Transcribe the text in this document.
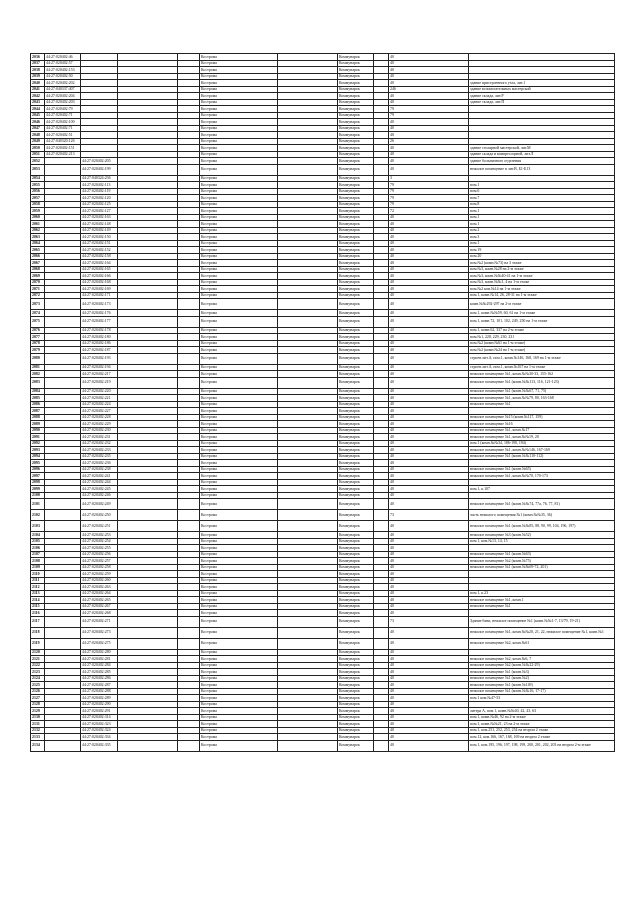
2036	44:27:020402:46				Кострома		Коммунарок		40	
2037	44:27:020402:57				Кострома		Коммунарок		40	
2038	44:27:020402:153				Кострома		Коммунарок		40	
2039	44:27:020402:50				Кострома		Коммунарок		40	
2040	44:27:020402:202				Кострома		Коммунарок		40	здание пристроенного узла, лит.1
2041	44:27:040337:407				Кострома		Коммунарок		246	здание вспомогательных мастерской
2042	44:27:020402:204				Кострома		Коммунарок		40	здание склада, лит.Р
2043	44:27:020402:203				Кострома		Коммунарок		40	здание склада, лит.П
2044	44:27:020402:79				Кострома		Коммунарок		79	
2045	44:27:020402:71				Кострома		Коммунарок		79	
2046	44:27:020402:100				Кострома		Коммунарок		40	
2047	44:27:020402:71				Кострома		Коммунарок		40	
2048	44:27:020402:51				Кострома		Коммунарок		40	
2049	44:27:040320:126				Кострома		Коммунарок		26	
2050	44:27:020402:151				Кострома		Коммунарок		40	здание столярной мастерской, лит.М
2051	44:27:020402:213				Кострома		Коммунарок		40	здание склада и компрессорной, лит.Л
2052		44:27:020402:205			Кострома		Коммунарок		40	здание больничного отделения
2053		44:27:020402:199			Кострома		Коммунарок		40	нежилое помещение в лит.В, Б1-Б13
2054		44:27:040324:236			Кострома		Коммунарок		3	
2055		44:27:020402:113			Кострома		Коммунарок		79	пом.1
2056		44:27:020402:119			Кострома		Коммунарок		79	пом.6
2057		44:27:020402:120			Кострома		Коммунарок		79	пом.7
2058		44:27:020402:125			Кострома		Коммунарок		79	пом.8
2059		44:27:020402:127			Кострома		Коммунарок		72	пом.1
2060		44:27:020402:163			Кострома		Коммунарок		40	пом.1
2061		44:27:020402:148			Кострома		Коммунарок		40	пом.1
2062		44:27:020402:149			Кострома		Коммунарок		40	пом.2
2063		44:27:020402:150			Кострома		Коммунарок		40	пом.3
2064		44:27:020402:151			Кострома		Коммунарок		40	пом.1
2065		44:27:020402:152			Кострома		Коммунарок		40	пом.19
2066		44:27:020402:158			Кострома		Коммунарок		40	пом.20
2067		44:27:020402:164			Кострома		Коммунарок		40	пом.№2 (комн.№73) на 3 этаже
2068		44:27:020402:165			Кострома		Коммунарок		40	пом.№3, комн.№28 на 2-м этаже
2069		44:27:020402:166			Кострома		Коммунарок		40	пом.№3, комн.№№40-41 на 1-м этаже
2070		44:27:020402:168			Кострома		Коммунарок		40	пом.№3, комн.№№1, 4 на 1-м этаже
2071		44:27:020402:169			Кострома		Коммунарок		40	пом.№2 ком.№14 на 1-м этаже
2072		44:27:020402:171			Кострома		Коммунарок		40	пом.1, комн.№14, 26, 28-31 на 1-м этаже
2073		44:27:020402:173			Кострома		Коммунарок		40	комн.№№292-297 на 2-м этаже
2074		44:27:020402:176			Кострома		Коммунарок		40	пом.1, комн.№№59, 60, 61 на 1-м этаже
2075		44:27:020402:177			Кострома		Коммунарок		40	пом.1, комн.72, 101, 102, 249, 250 на 1-м этаже
2076		44:27:020402:178			Кострома		Коммунарок		40	пом.1, комн.62, 337 на 2-м этаже
2077		44:27:020402:180			Кострома		Коммунарок		40	пом.№1, 228, 229, 230, 231
2078		44:27:020402:186			Кострома		Коммунарок		40	пом.№2 (комн.№61 на 1-м этаже)
2079		44:27:020402:187			Кострома		Коммунарок		40	пом.№2 (комн.№24 на 1-м этаже)
2080		44:27:020402:193			Кострома		Коммунарок		40	строен.лит.А, пом.1, комн.№146, 168, 169 на 1-м этаже
2081		44:27:020402:194			Кострома		Коммунарок		40	строен.лит.А, пом.1, комн.№167 на 1-м этаже
2082		44:27:020402:217			Кострома		Коммунарок		40	нежилое помещение №1, комн.№№30-33, 155-162
2083		44:27:020402:219			Кострома		Коммунарок		40	нежилое помещение №1 (комн.№№113, 116, 121-123)
2084		44:27:020402:220			Кострома		Коммунарок		40	нежилое помещение №1 (комн.№№67, 71, 75)
2085		44:27:020402:221			Кострома		Коммунарок		40	нежилое помещение №1, комн.№№79, 80, 163-168
2086		44:27:020402:224			Кострома		Коммунарок		40	нежилое помещение №1
2087		44:27:020402:227			Кострома		Коммунарок		40	
2088		44:27:020402:228			Кострома		Коммунарок		40	нежилое помещение №15 (комн.№117, 159)
2089		44:27:020402:229			Кострома		Коммунарок		40	нежилое помещение №16
2090		44:27:020402:230			Кострома		Коммунарок		40	нежилое помещение №1, комн.№17
2091		44:27:020402:231			Кострома		Коммунарок		40	нежилое помещение №1, комн.№№19, 20
2092		44:27:020402:232			Кострома		Коммунарок		40	пом.1 (комн.№№34, 186-190, 194)
2093		44:27:020402:233			Кострома		Коммунарок		40	нежилое помещение №1, комн.№№146, 167-169
2094		44:27:020402:235			Кострома		Коммунарок		40	нежилое помещение №1 (комн.№№110-112)
2095		44:27:020402:236			Кострома		Коммунарок		40	
2096		44:27:020402:238			Кострома		Коммунарок		40	нежилое помещение №1 (комн.№65)
2097		44:27:020402:241			Кострома		Коммунарок		40	нежилое помещение №1, комн.№№70, 170-173
2098		44:27:020402:244			Кострома		Коммунарок		40	
2099		44:27:020402:245			Кострома		Коммунарок		40	пом.1, к.107
2100		44:27:020402:246			Кострома		Коммунарок		40	
2101		44:27:020402:249			Кострома		Коммунарок		40	нежилое помещение №1 (комн.№№74, 77а, 76, 77, 81)
2102		44:27:020402:250			Кострома		Коммунарок		73	часть нежилого помещения №1 (комн.№№35, 36)
2103		44:27:020402:251			Кострома		Коммунарок		40	нежилое помещение №1 (комн.№№85, 88, 90, 99, 104, 196, 197)
2104		44:27:020402:253			Кострома		Коммунарок		40	нежилое помещение №3 (комн.№52)
2105		44:27:020402:254			Кострома		Коммунарок		40	пом.1, ком.№13, 14, 15
2106		44:27:020402:255			Кострома		Коммунарок		40	
2107		44:27:020402:256			Кострома		Коммунарок		40	нежилое помещение №1 (комн.№63)
2108		44:27:020402:257			Кострома		Коммунарок		40	нежилое помещение №2 (комн.№75)
2109		44:27:020402:258			Кострома		Коммунарок		40	нежилое помещение №1 (комн.№№69-72, 201)
2110		44:27:020402:259			Кострома		Коммунарок		40	
2111		44:27:020402:260			Кострома		Коммунарок		40	
2112		44:27:020402:263			Кострома		Коммунарок		40	
2113		44:27:020402:264			Кострома		Коммунарок		40	пом.1, к.23
2114		44:27:020402:265			Кострома		Коммунарок		40	нежилое помещение №1, комн.1
2115		44:27:020402:267			Кострома		Коммунарок		40	нежилое помещение №1
2116		44:27:020402:268			Кострома		Коммунарок		40	
2117		44:27:020402:271			Кострома		Коммунарок		73	Здание бани, нежилое помещение №1 (комн.№№1-7, 13/79, 19-21)
2118		44:27:020402:273			Кострома		Коммунарок		40	нежилое помещение №1, комн.№№20, 21, 22, нежилое помещение №1, комн.№1
2119		44:27:020402:275			Кострома		Коммунарок		40	нежилое помещение №2, комн.№61
2120		44:27:020402:280			Кострома		Коммунарок		40	
2121		44:27:020402:281			Кострома		Коммунарок		40	нежилое помещение №2, комн.№6, 7
2122		44:27:020402:284			Кострома		Коммунарок		40	нежилое помещение №2 (комн.№№22-29)
2123		44:27:020402:285			Кострома		Коммунарок		40	нежилое помещение №1 (комн.№3)
2124		44:27:020402:286			Кострома		Коммунарок		40	нежилое помещение №1 (комн.№2)
2125		44:27:020402:287			Кострома		Коммунарок		40	нежилое помещение №1 (комн.№149)
2126		44:27:020402:288			Кострома		Коммунарок		40	нежилое помещение №1 (комн.№№16, 17-17)
2127		44:27:020402:289			Кострома		Коммунарок		40	пом.1 ком.№47-53
2128		44:27:020402:290			Кострома		Коммунарок		40	
2129		44:27:020402:291			Кострома		Коммунарок		40	литера А, пом.1, комн.№№40, 42, 43, 63
2130		44:27:020402:314			Кострома		Коммунарок		40	пом.1, комн.№46, 92 на 2-м этаже
2131		44:27:020402:323			Кострома		Коммунарок		40	пом.1, комн.№№21, 23 на 2-м этаже
2132		44:27:020402:324			Кострома		Коммунарок		40	пом.1, ком.251, 252, 253, 254 на втором 2 этаже
2133		44:27:020402:334			Кострома		Коммунарок		40	пом.12, ком.166, 167, 168, 169 на втором 2 этаже
2134		44:27:020402:335			Кострома		Коммунарок		40	пом.1, ком.195, 196, 197, 198, 199, 200, 201, 202, 203 на втором 2-м этаже
